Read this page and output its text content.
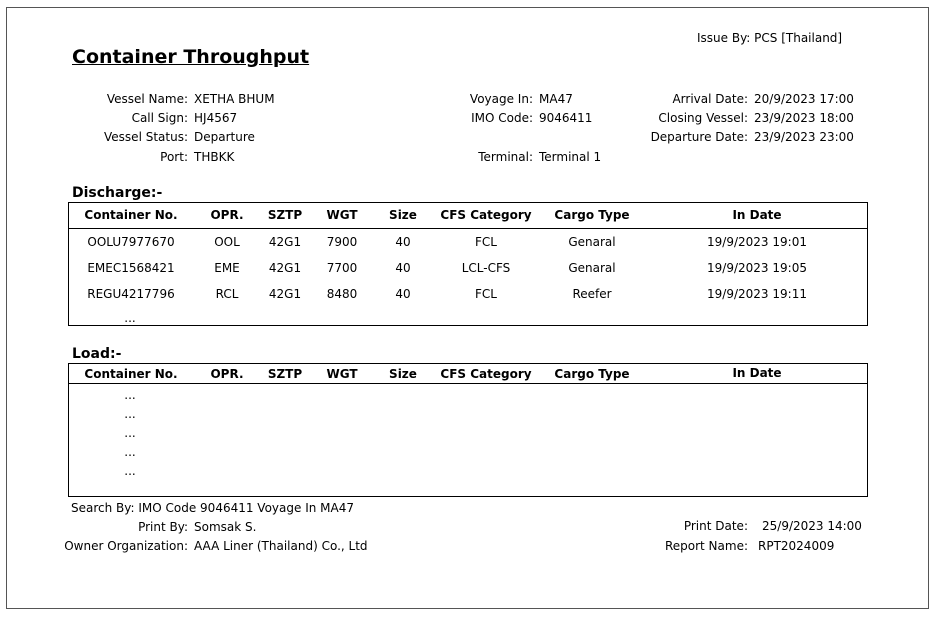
Issue By: PCS [Thailand]
Container Throughput
Vessel Name: XETHA BHUM
Call Sign: HJ4567
Vessel Status: Departure
Port: THBKK
Voyage In: MA47
IMO Code: 9046411
Terminal: Terminal 1
Arrival Date: 20/9/2023 17:00
Closing Vessel: 23/9/2023 18:00
Departure Date: 23/9/2023 23:00
Discharge:-
Container No.	OPR.	SZTP	WGT	Size	CFS Category	Cargo Type	In Date
OOLU7977670	OOL	42G1	7900	40	FCL	Genaral	19/9/2023 19:01
EMEC1568421	EME	42G1	7700	40	LCL-CFS	Genaral	19/9/2023 19:05
REGU4217796	RCL	42G1	8480	40	FCL	Reefer	19/9/2023 19:11
...
Load:-
Container No.	OPR.	SZTP	WGT	Size	CFS Category	Cargo Type	In Date
...
...
...
...
...
Search By: IMO Code 9046411 Voyage In MA47
Print By: Somsak S.
Owner Organization: AAA Liner (Thailand) Co., Ltd
Print Date: 25/9/2023 14:00
Report Name: RPT2024009
